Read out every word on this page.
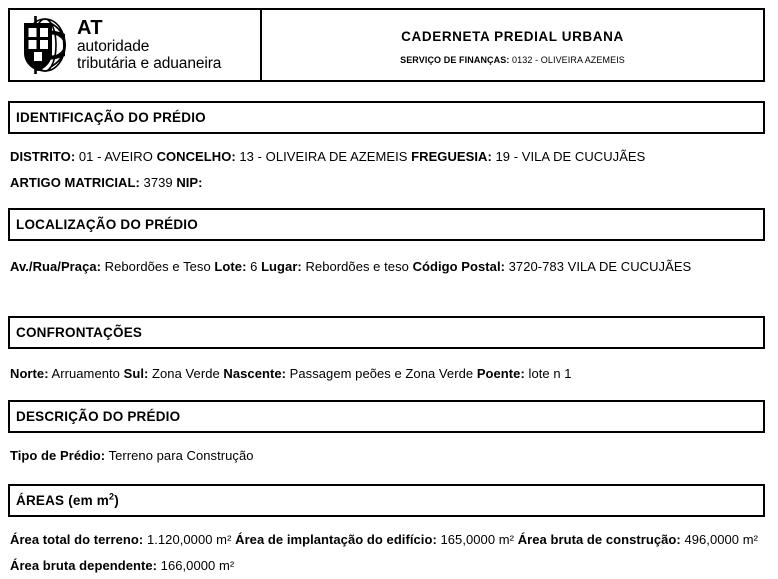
AT
autoridade
tributária e aduaneira
CADERNETA PREDIAL URBANA
SERVIÇO DE FINANÇAS: 0132 - OLIVEIRA AZEMEIS
IDENTIFICAÇÃO DO PRÉDIO
DISTRITO: 01 - AVEIRO CONCELHO: 13 - OLIVEIRA DE AZEMEIS FREGUESIA: 19 - VILA DE CUCUJÃES
ARTIGO MATRICIAL: 3739 NIP:
LOCALIZAÇÃO DO PRÉDIO
Av./Rua/Praça: Rebordões e Teso Lote: 6 Lugar: Rebordões e teso Código Postal: 3720-783 VILA DE CUCUJÃES
CONFRONTAÇÕES
Norte: Arruamento Sul: Zona Verde Nascente: Passagem peões e Zona Verde Poente: lote n 1
DESCRIÇÃO DO PRÉDIO
Tipo de Prédio: Terreno para Construção
ÁREAS (em $m^2$)
Área total do terreno: 1.120,0000 m² Área de implantação do edifício: 165,0000 m² Área bruta de construção: 496,0000 m² Área bruta dependente: 166,0000 m²
